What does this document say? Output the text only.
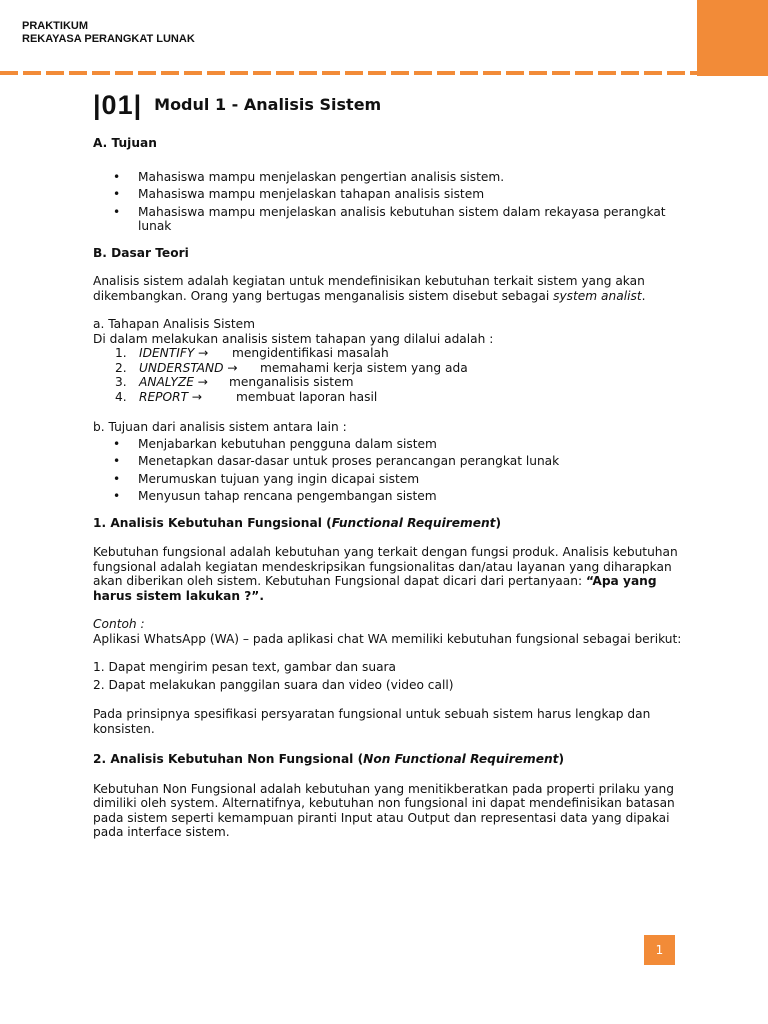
PRAKTIKUM
REKAYASA PERANGKAT LUNAK
|01| Modul 1 - Analisis Sistem

A. Tujuan

• Mahasiswa mampu menjelaskan pengertian analisis sistem.
• Mahasiswa mampu menjelaskan tahapan analisis sistem
• Mahasiswa mampu menjelaskan analisis kebutuhan sistem dalam rekayasa perangkat lunak

B. Dasar Teori

Analisis sistem adalah kegiatan untuk mendefinisikan kebutuhan terkait sistem yang akan dikembangkan. Orang yang bertugas menganalisis sistem disebut sebagai system analist.

a. Tahapan Analisis Sistem

Di dalam melakukan analisis sistem tahapan yang dilalui adalah :

1. IDENTIFY → mengidentifikasi masalah
2. UNDERSTAND → memahami kerja sistem yang ada
3. ANALYZE → menganalisis sistem
4. REPORT →	membuat laporan hasil

b. Tujuan dari analisis sistem antara lain :

• Menjabarkan kebutuhan pengguna dalam sistem
• Menetapkan dasar-dasar untuk proses perancangan perangkat lunak
• Merumuskan tujuan yang ingin dicapai sistem
• Menyusun tahap rencana pengembangan sistem

1. Analisis Kebutuhan Fungsional (Functional Requirement)

Kebutuhan fungsional adalah kebutuhan yang terkait dengan fungsi produk. Analisis kebutuhan fungsional adalah kegiatan mendeskripsikan fungsionalitas dan/atau layanan yang diharapkan akan diberikan oleh sistem. Kebutuhan Fungsional dapat dicari dari pertanyaan: “Apa yang harus sistem lakukan ?”.

Contoh :

Aplikasi WhatsApp (WA) – pada aplikasi chat WA memiliki kebutuhan fungsional sebagai berikut:

1. Dapat mengirim pesan text, gambar dan suara

2. Dapat melakukan panggilan suara dan video (video call)

Pada prinsipnya spesifikasi persyaratan fungsional untuk sebuah sistem harus lengkap dan konsisten.

2. Analisis Kebutuhan Non Fungsional (Non Functional Requirement)

Kebutuhan Non Fungsional adalah kebutuhan yang menitikberatkan pada properti prilaku yang dimiliki oleh system. Alternatifnya, kebutuhan non fungsional ini dapat mendefinisikan batasan pada sistem seperti kemampuan piranti Input atau Output dan representasi data yang dipakai pada interface sistem.

1
